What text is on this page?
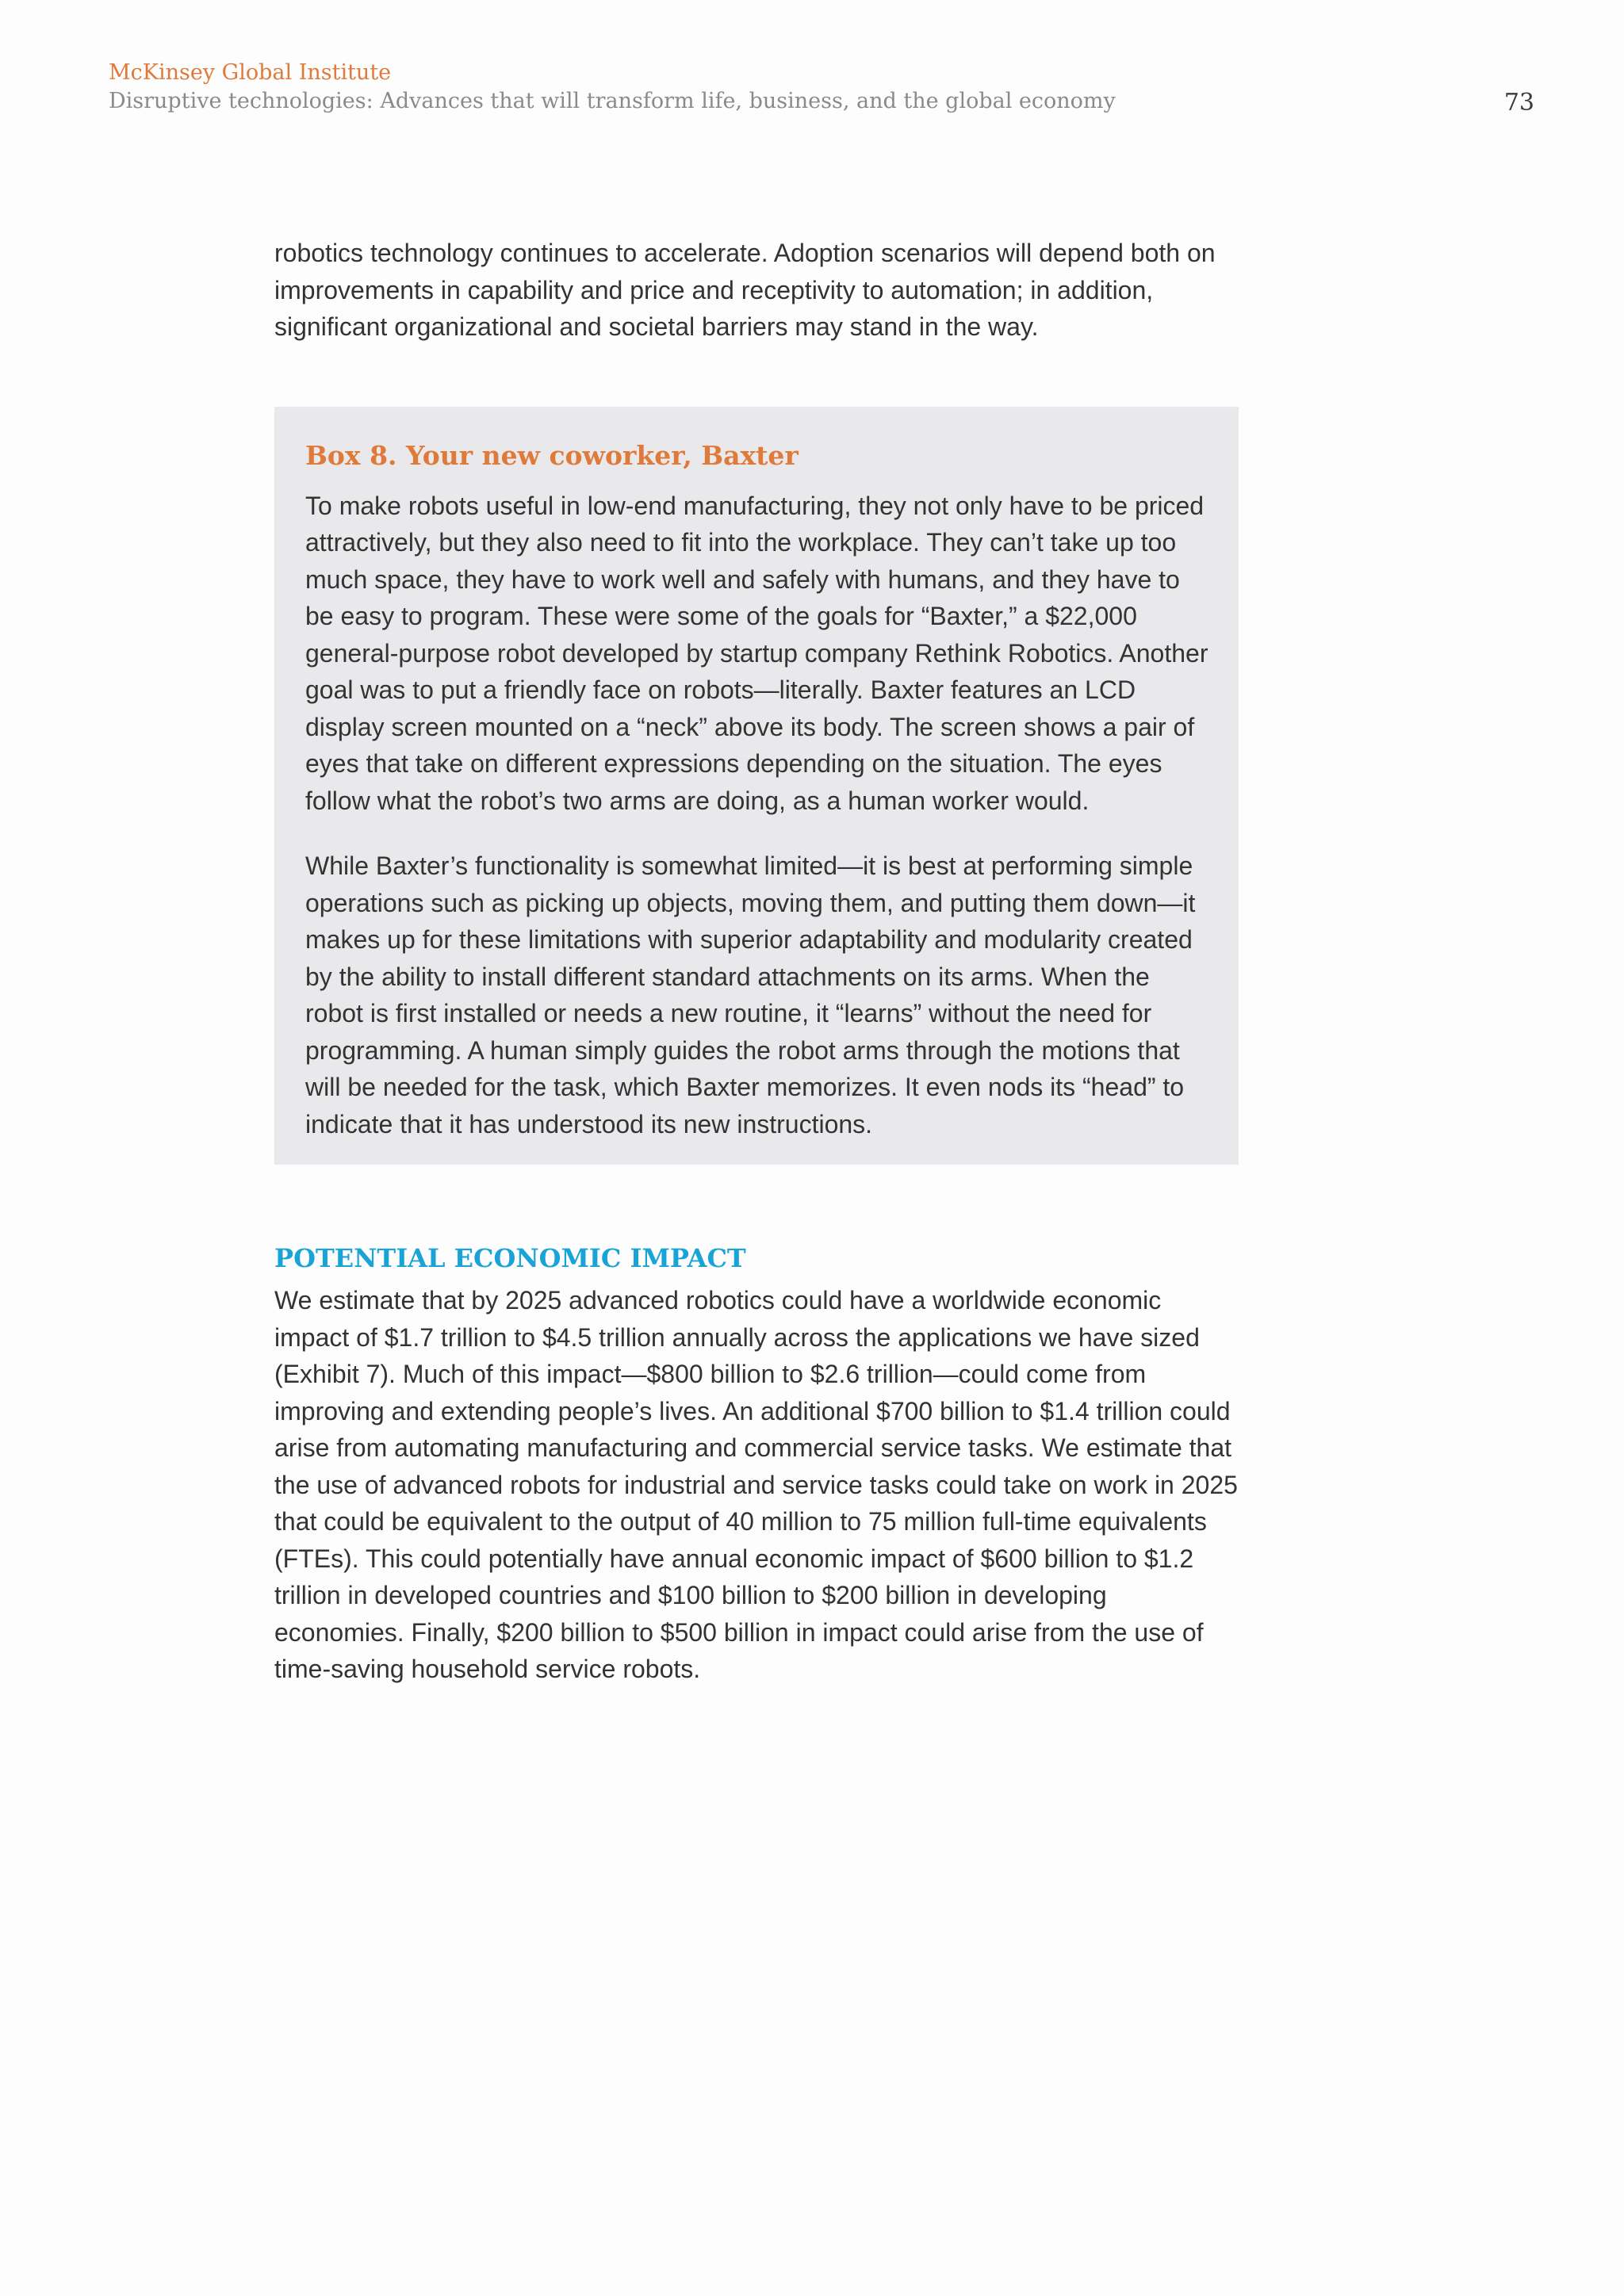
McKinsey Global Institute
Disruptive technologies: Advances that will transform life, business, and the global economy	73

robotics technology continues to accelerate. Adoption scenarios will depend both on improvements in capability and price and receptivity to automation; in addition, significant organizational and societal barriers may stand in the way.

Box 8. Your new coworker, Baxter

To make robots useful in low-end manufacturing, they not only have to be priced attractively, but they also need to fit into the workplace. They can’t take up too much space, they have to work well and safely with humans, and they have to be easy to program. These were some of the goals for “Baxter,” a $22,000 general-purpose robot developed by startup company Rethink Robotics. Another goal was to put a friendly face on robots—literally. Baxter features an LCD display screen mounted on a “neck” above its body. The screen shows a pair of eyes that take on different expressions depending on the situation. The eyes follow what the robot’s two arms are doing, as a human worker would.

While Baxter’s functionality is somewhat limited—it is best at performing simple operations such as picking up objects, moving them, and putting them down—it makes up for these limitations with superior adaptability and modularity created by the ability to install different standard attachments on its arms. When the robot is first installed or needs a new routine, it “learns” without the need for programming. A human simply guides the robot arms through the motions that will be needed for the task, which Baxter memorizes. It even nods its “head” to indicate that it has understood its new instructions.

POTENTIAL ECONOMIC IMPACT

We estimate that by 2025 advanced robotics could have a worldwide economic impact of $1.7 trillion to $4.5 trillion annually across the applications we have sized (Exhibit 7). Much of this impact—$800 billion to $2.6 trillion—could come from improving and extending people’s lives. An additional $700 billion to $1.4 trillion could arise from automating manufacturing and commercial service tasks. We estimate that the use of advanced robots for industrial and service tasks could take on work in 2025 that could be equivalent to the output of 40 million to 75 million full-time equivalents (FTEs). This could potentially have annual economic impact of $600 billion to $1.2 trillion in developed countries and $100 billion to $200 billion in developing economies. Finally, $200 billion to $500 billion in impact could arise from the use of time-saving household service robots.
